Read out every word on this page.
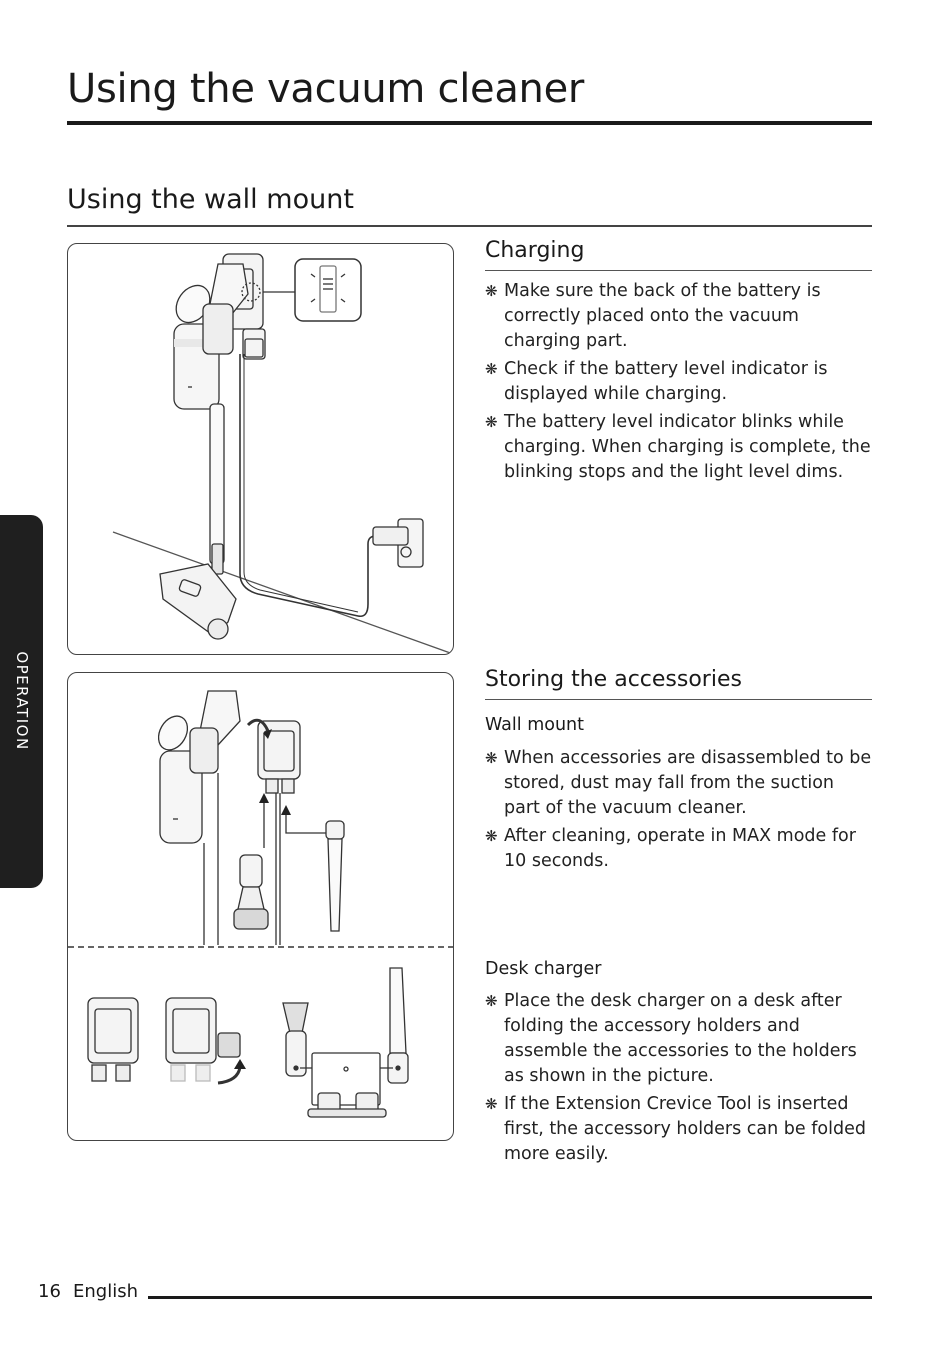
Using the vacuum cleaner
Using the wall mount
OPERATION
Charging
❋ Make sure the back of the battery is correctly placed onto the vacuum charging part.
❋ Check if the battery level indicator is displayed while charging.
❋ The battery level indicator blinks while charging. When charging is complete, the blinking stops and the light level dims.
Storing the accessories
Wall mount
❋ When accessories are disassembled to be stored, dust may fall from the suction part of the vacuum cleaner.
❋ After cleaning, operate in MAX mode for 10 seconds.
Desk charger
❋ Place the desk charger on a desk after folding the accessory holders and assemble the accessories to the holders as shown in the picture.
❋ If the Extension Crevice Tool is inserted first, the accessory holders can be folded more easily.
16 English
